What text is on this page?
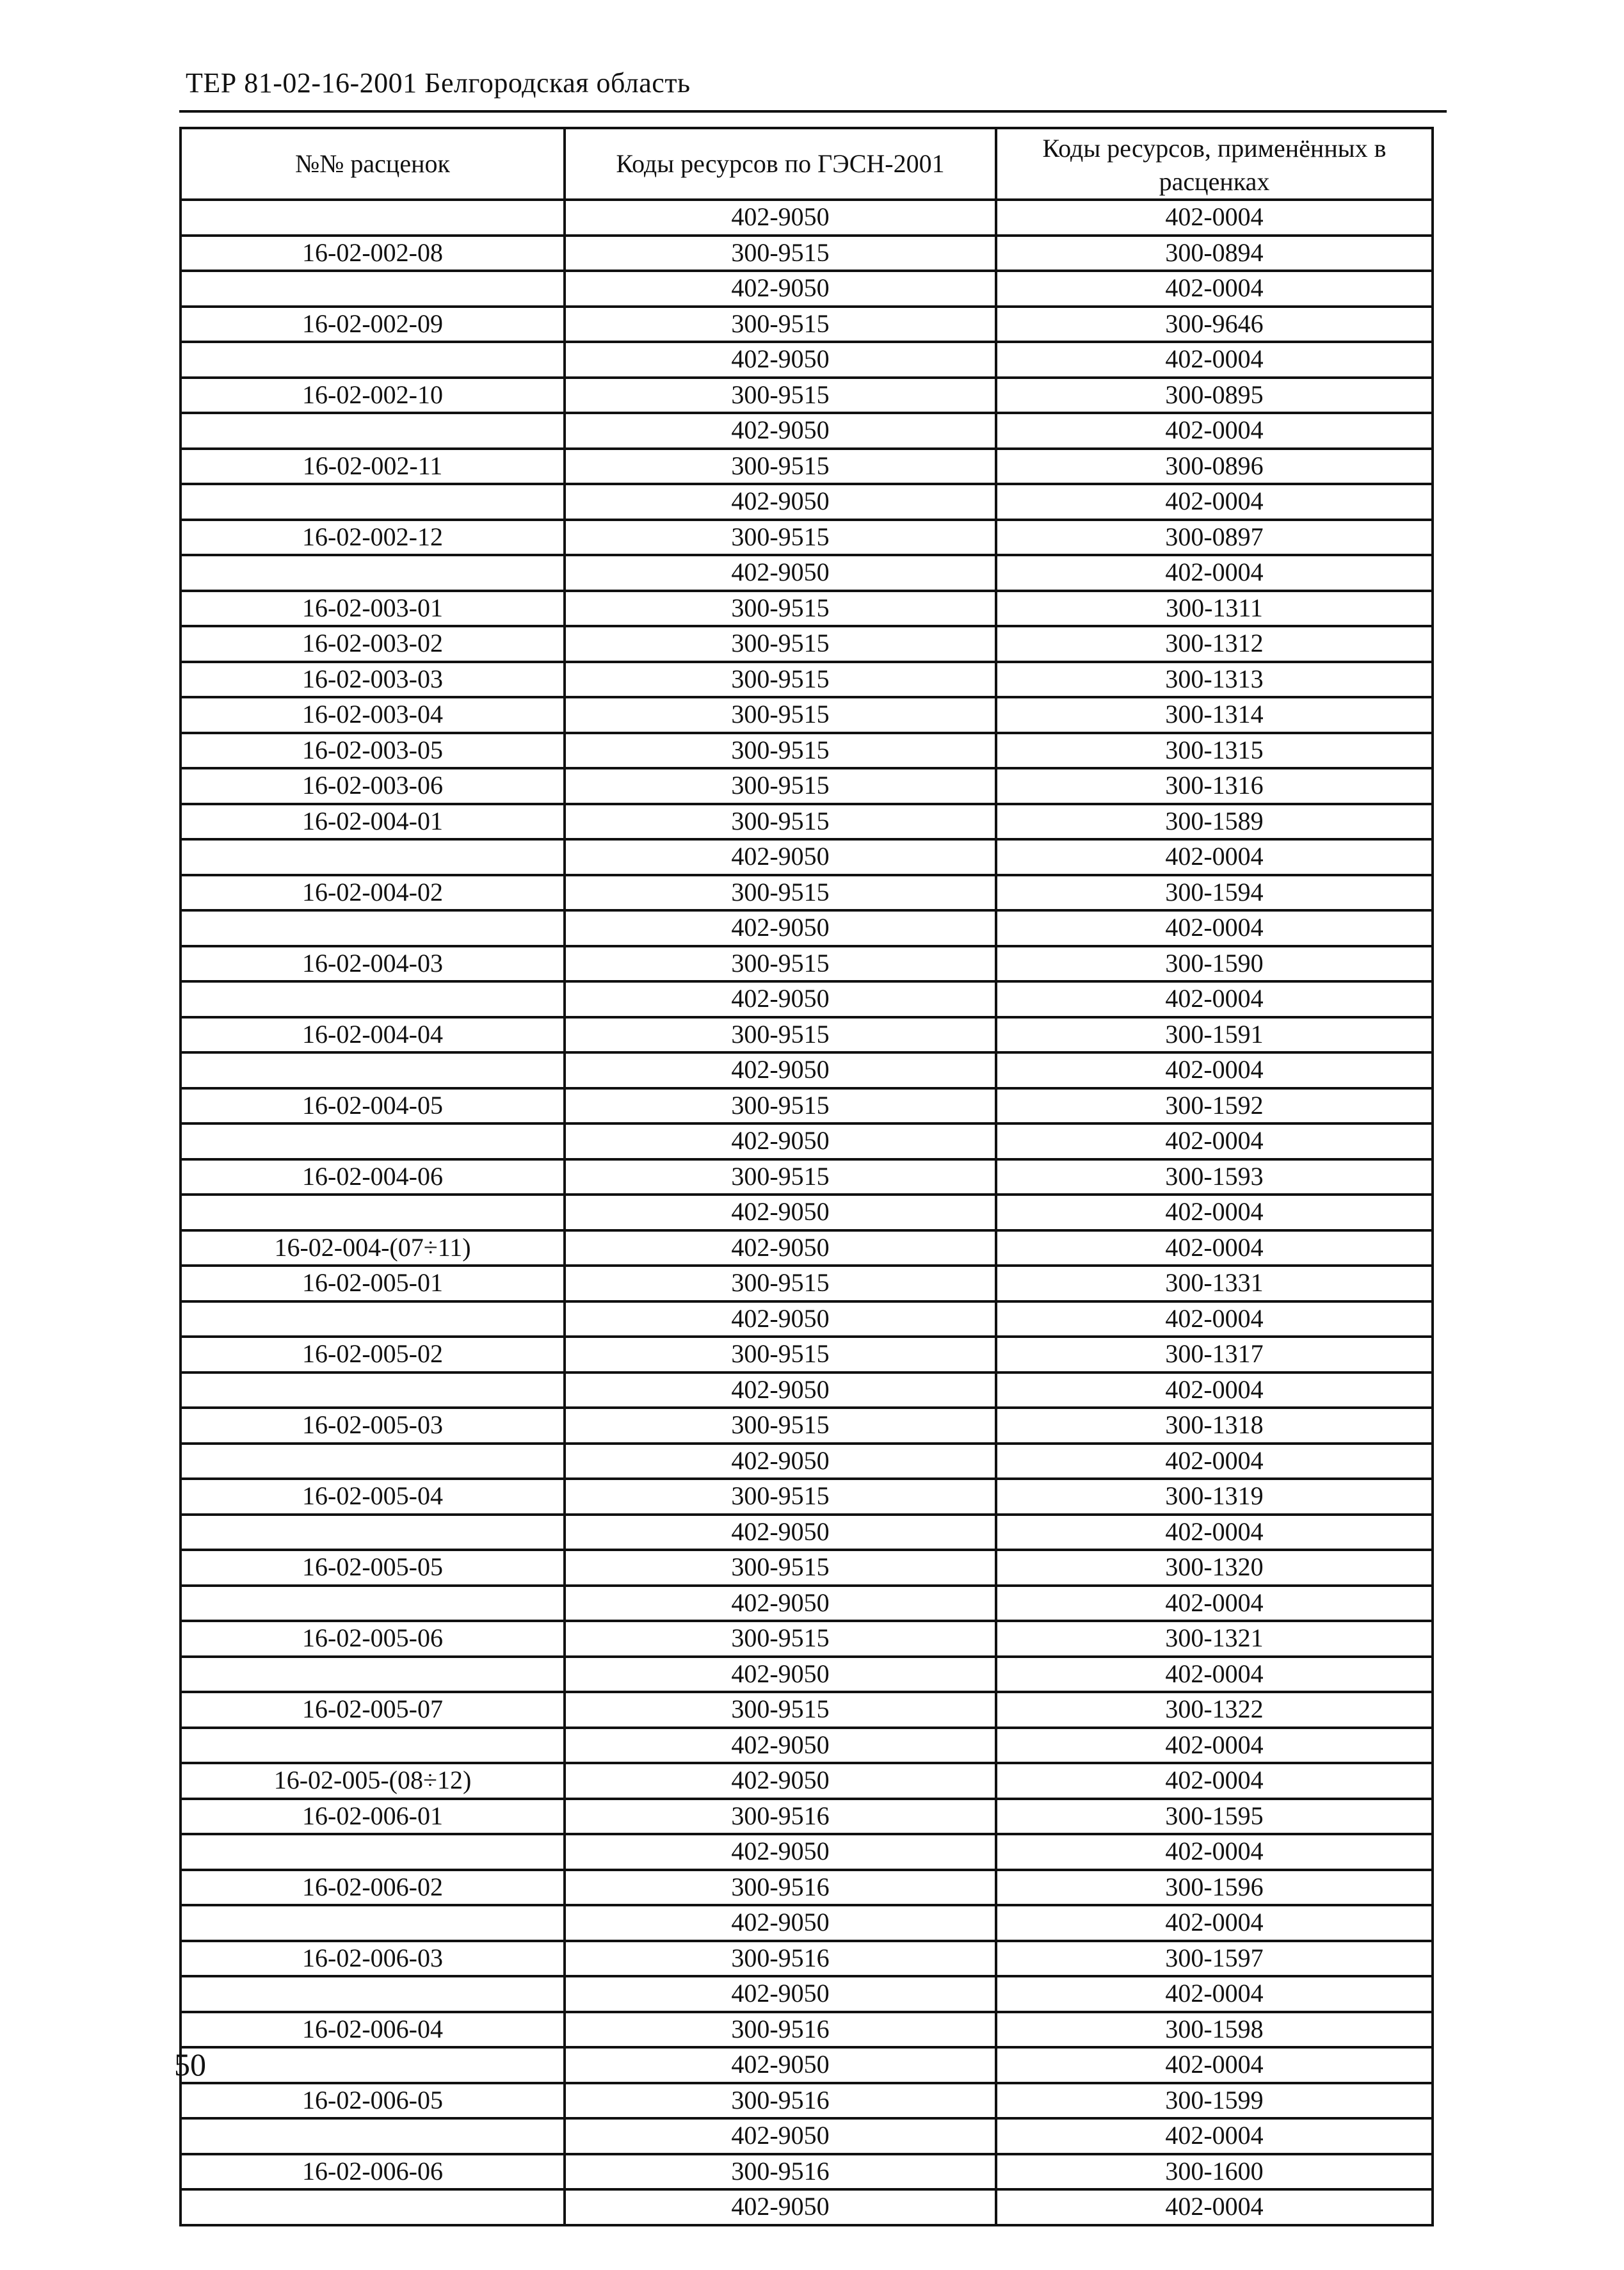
ТЕР 81-02-16-2001 Белгородская область
№№ расценок	Коды ресурсов по ГЭСН-2001	Коды ресурсов, применённых в расценках
	402-9050	402-0004
16-02-002-08	300-9515	300-0894
	402-9050	402-0004
16-02-002-09	300-9515	300-9646
	402-9050	402-0004
16-02-002-10	300-9515	300-0895
	402-9050	402-0004
16-02-002-11	300-9515	300-0896
	402-9050	402-0004
16-02-002-12	300-9515	300-0897
	402-9050	402-0004
16-02-003-01	300-9515	300-1311
16-02-003-02	300-9515	300-1312
16-02-003-03	300-9515	300-1313
16-02-003-04	300-9515	300-1314
16-02-003-05	300-9515	300-1315
16-02-003-06	300-9515	300-1316
16-02-004-01	300-9515	300-1589
	402-9050	402-0004
16-02-004-02	300-9515	300-1594
	402-9050	402-0004
16-02-004-03	300-9515	300-1590
	402-9050	402-0004
16-02-004-04	300-9515	300-1591
	402-9050	402-0004
16-02-004-05	300-9515	300-1592
	402-9050	402-0004
16-02-004-06	300-9515	300-1593
	402-9050	402-0004
16-02-004-(07÷11)	402-9050	402-0004
16-02-005-01	300-9515	300-1331
	402-9050	402-0004
16-02-005-02	300-9515	300-1317
	402-9050	402-0004
16-02-005-03	300-9515	300-1318
	402-9050	402-0004
16-02-005-04	300-9515	300-1319
	402-9050	402-0004
16-02-005-05	300-9515	300-1320
	402-9050	402-0004
16-02-005-06	300-9515	300-1321
	402-9050	402-0004
16-02-005-07	300-9515	300-1322
	402-9050	402-0004
16-02-005-(08÷12)	402-9050	402-0004
16-02-006-01	300-9516	300-1595
	402-9050	402-0004
16-02-006-02	300-9516	300-1596
	402-9050	402-0004
16-02-006-03	300-9516	300-1597
	402-9050	402-0004
16-02-006-04	300-9516	300-1598
	402-9050	402-0004
16-02-006-05	300-9516	300-1599
	402-9050	402-0004
16-02-006-06	300-9516	300-1600
	402-9050	402-0004
50
